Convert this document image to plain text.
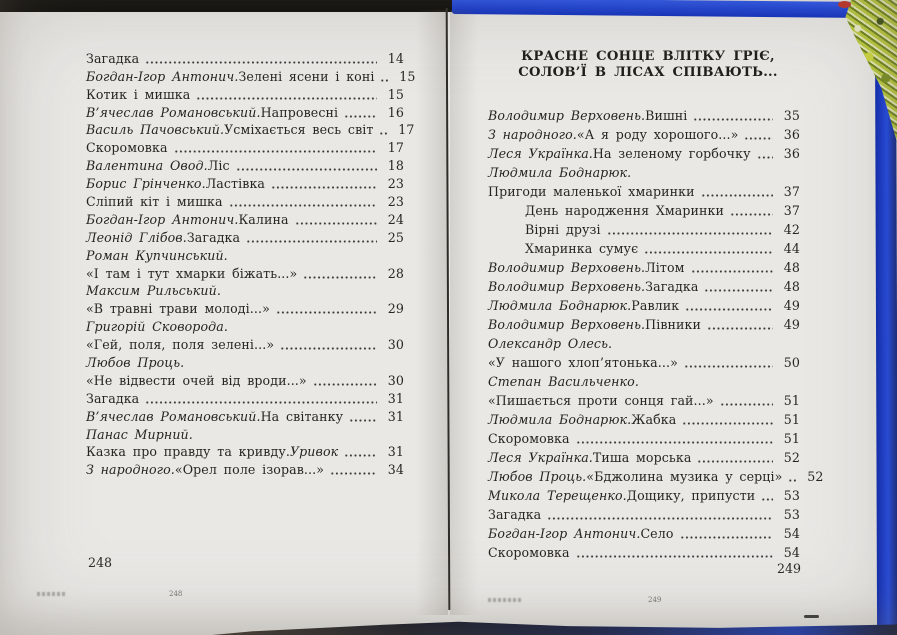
КРАСНЕ СОНЦЕ ВЛІТКУ ГРІЄ,
СОЛОВ’Ї В ЛІСАХ СПІВАЮТЬ...
Загадка	14
Богдан-Ігор Антонич. Зелені ясени і коні	15
Котик і мишка	15
В’ячеслав Романовський. Напровесні	16
Василь Пачовський. Усміхається весь світ	17
Скоромовка	17
Валентина Овод. Ліс	18
Борис Грінченко. Ластівка	23
Сліпий кіт і мишка	23
Богдан-Ігор Антонич. Калина	24
Леонід Глібов. Загадка	25
Роман Купчинський.
«І там і тут хмарки біжать...»	28
Максим Рильський.
«В травні трави молоді...»	29
Григорій Сковорода.
«Гей, поля, поля зелені...»	30
Любов Проць.
«Не відвести очей від вроди...»	30
Загадка	31
В’ячеслав Романовський. На світанку	31
Панас Мирний.
Казка про правду та кривду. Уривок	31
З народного. «Орел поле ізорав...»	34
Володимир Верховень. Вишні	35
З народного. «А я роду хорошого...»	36
Леся Українка. На зеленому горбочку	36
Людмила Боднарюк.
Пригоди маленької хмаринки	37
День народження Хмаринки	37
Вірні друзі	42
Хмаринка сумує	44
Володимир Верховень. Літом	48
Володимир Верховень. Загадка	48
Людмила Боднарюк. Равлик	49
Володимир Верховень. Півники	49
Олександр Олесь.
«У нашого хлоп’ятонька...»	50
Степан Васильченко.
«Пишається проти сонця гай...»	51
Людмила Боднарюк. Жабка	51
Скоромовка	51
Леся Українка. Тиша морська	52
Любов Проць. «Бджолина музика у серці»	52
Микола Терещенко. Дощику, припусти	53
Загадка	53
Богдан-Ігор Антонич. Село	54
Скоромовка	54
248	249
248
249
